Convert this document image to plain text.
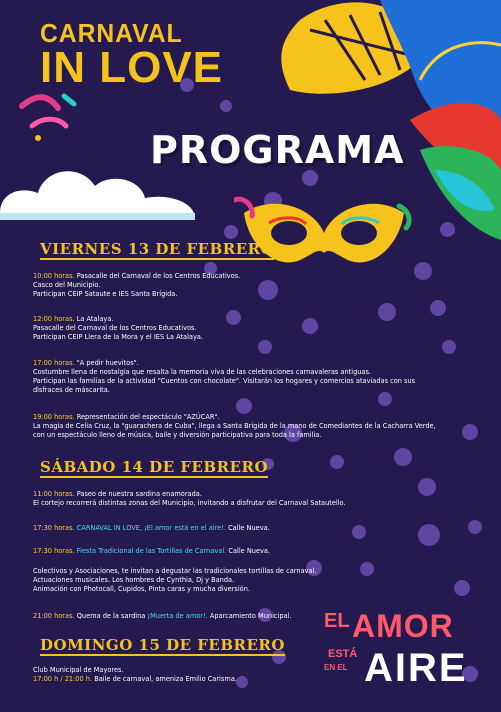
CARNAVAL
IN LOVE
PROGRAMA
VIERNES 13 DE FEBRERO
10:00 horas. Pasacalle del Carnaval de los Centros Educativos.
Casco del Municipio.
Participan CEIP Sataute e IES Santa Brígida.
12:00 horas. La Atalaya.
Pasacalle del Carnaval de los Centros Educativos.
Participan CEIP Llera de la Mora y el IES La Atalaya.
17:00 horas. "A pedir huevitos".
Costumbre llena de nostalgia que resalta la memoria viva de las celebraciones carnavaleras antiguas.
Participan las familias de la actividad "Cuentos con chocolate". Visitarán los hogares y comercios ataviadas con sus
disfraces de máscarita.
19:00 horas. Representación del espectáculo "AZÚCAR".
La magia de Celia Cruz, la "guarachera de Cuba", llega a Santa Brígida de la mano de Comediantes de la Cacharra Verde,
con un espectáculo lleno de música, baile y diversión participativa para toda la familia.
SÁBADO 14 DE FEBRERO
11:00 horas. Paseo de nuestra sardina enamorada.
El cortejo recorrerá distintas zonas del Municipio, invitando a disfrutar del Carnaval Satautello.
17:30 horas. CARNAVAL IN LOVE, ¡El amor está en el aire!. Calle Nueva.
17:30 horas. Fiesta Tradicional de las Tortillas de Carnaval. Calle Nueva.
Colectivos y Asociaciones, te invitan a degustar las tradicionales tortillas de carnaval.
Actuaciones musicales. Los hombres de Cynthia, Dj y Banda.
Animación con Photocall, Cupidos, Pinta caras y mucha diversión.
21:00 horas. Quema de la sardina ¡Muerta de amor!. Aparcamiento Municipal.
DOMINGO 15 DE FEBRERO
Club Municipal de Mayores.
17:00 h / 21:00 h. Baile de carnaval, ameniza Emilio Carisma.
EL AMOR
ESTÁ
EN EL AIRE
